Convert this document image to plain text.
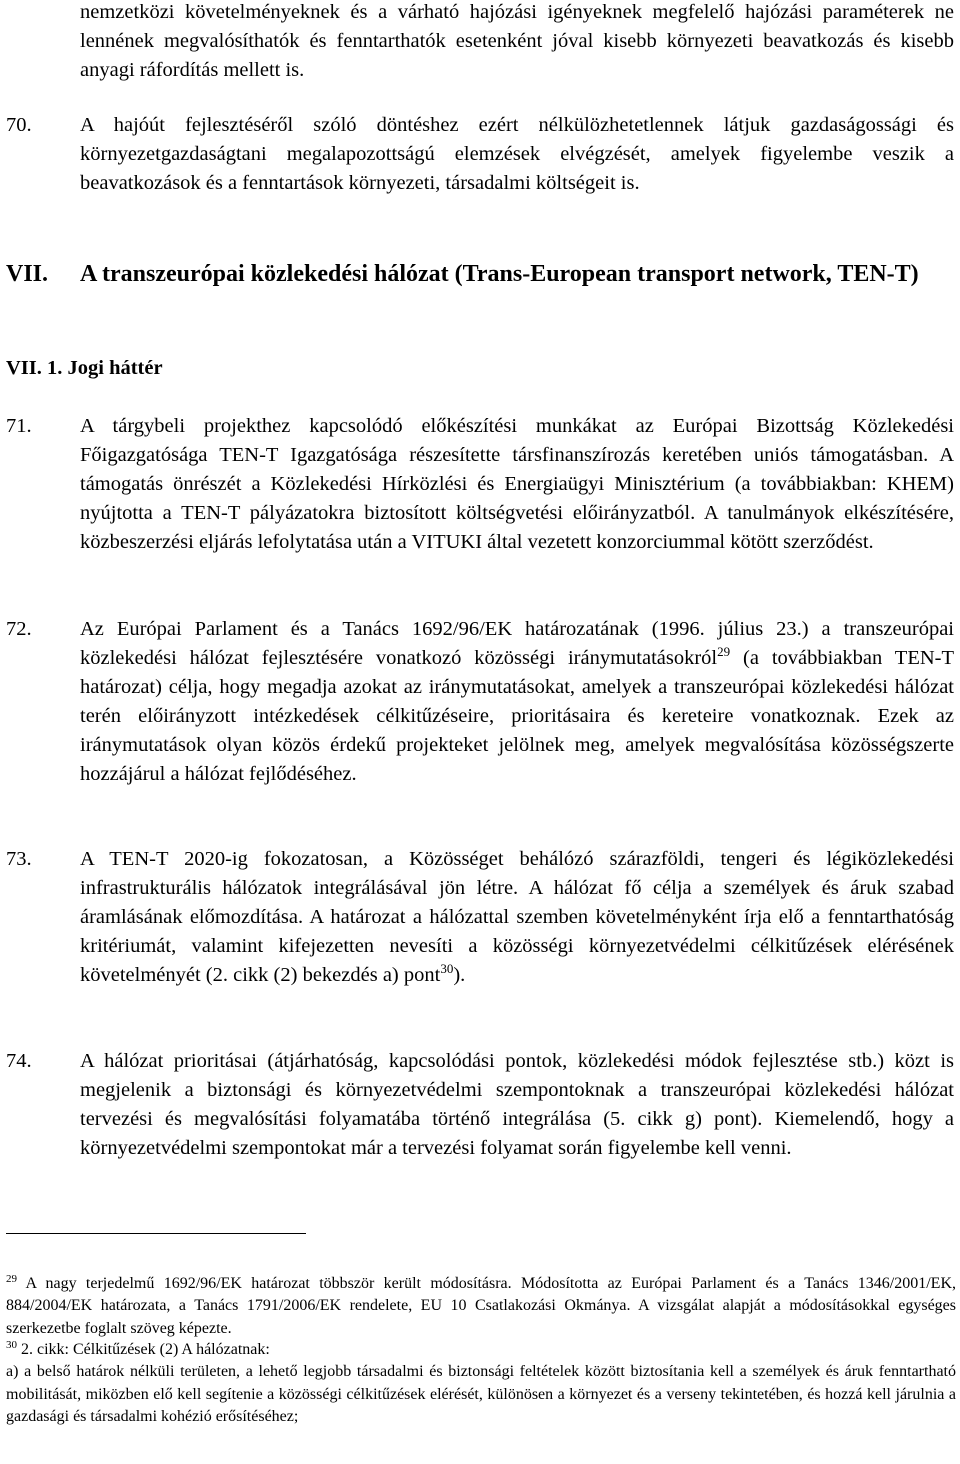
nemzetközi követelményeknek és a várható hajózási igényeknek megfelelő hajózási paraméterek ne lennének megvalósíthatók és fenntarthatók esetenként jóval kisebb környezeti beavatkozás és kisebb anyagi ráfordítás mellett is.
70. A hajóút fejlesztéséről szóló döntéshez ezért nélkülözhetetlennek látjuk gazdaságossági és környezetgazdaságtani megalapozottságú elemzések elvégzését, amelyek figyelembe veszik a beavatkozások és a fenntartások környezeti, társadalmi költségeit is.
VII. A transzeurópai közlekedési hálózat (Trans-European transport network, TEN-T)
VII. 1. Jogi háttér
71. A tárgybeli projekthez kapcsolódó előkészítési munkákat az Európai Bizottság Közlekedési Főigazgatósága TEN-T Igazgatósága részesítette társfinanszírozás keretében uniós támogatásban. A támogatás önrészét a Közlekedési Hírközlési és Energiaügyi Minisztérium (a továbbiakban: KHEM) nyújtotta a TEN-T pályázatokra biztosított költségvetési előirányzatból. A tanulmányok elkészítésére, közbeszerzési eljárás lefolytatása után a VITUKI által vezetett konzorciummal kötött szerződést.
72. Az Európai Parlament és a Tanács 1692/96/EK határozatának (1996. július 23.) a transzeurópai közlekedési hálózat fejlesztésére vonatkozó közösségi iránymutatásokról$^{29}$ (a továbbiakban TEN-T határozat) célja, hogy megadja azokat az iránymutatásokat, amelyek a transzeurópai közlekedési hálózat terén előirányzott intézkedések célkitűzéseire, prioritásaira és kereteire vonatkoznak. Ezek az iránymutatások olyan közös érdekű projekteket jelölnek meg, amelyek megvalósítása közösségszerte hozzájárul a hálózat fejlődéséhez.
73. A TEN-T 2020-ig fokozatosan, a Közösséget behálózó szárazföldi, tengeri és légiközlekedési infrastrukturális hálózatok integrálásával jön létre. A hálózat fő célja a személyek és áruk szabad áramlásának előmozdítása. A határozat a hálózattal szemben követelményként írja elő a fenntarthatóság kritériumát, valamint kifejezetten nevesíti a közösségi környezetvédelmi célkitűzések elérésének követelményét (2. cikk (2) bekezdés a) pont$^{30}$).
74. A hálózat prioritásai (átjárhatóság, kapcsolódási pontok, közlekedési módok fejlesztése stb.) közt is megjelenik a biztonsági és környezetvédelmi szempontoknak a transzeurópai közlekedési hálózat tervezési és megvalósítási folyamatába történő integrálása (5. cikk g) pont). Kiemelendő, hogy a környezetvédelmi szempontokat már a tervezési folyamat során figyelembe kell venni.
$^{29}$ A nagy terjedelmű 1692/96/EK határozat többször került módosításra. Módosította az Európai Parlament és a Tanács 1346/2001/EK, 884/2004/EK határozata, a Tanács 1791/2006/EK rendelete, EU 10 Csatlakozási Okmánya. A vizsgálat alapját a módosításokkal egységes szerkezetbe foglalt szöveg képezte.
$^{30}$ 2. cikk: Célkitűzések (2) A hálózatnak:
a) a belső határok nélküli területen, a lehető legjobb társadalmi és biztonsági feltételek között biztosítania kell a személyek és áruk fenntartható mobilitását, miközben elő kell segítenie a közösségi célkitűzések elérését, különösen a környezet és a verseny tekintetében, és hozzá kell járulnia a gazdasági és társadalmi kohézió erősítéséhez;
